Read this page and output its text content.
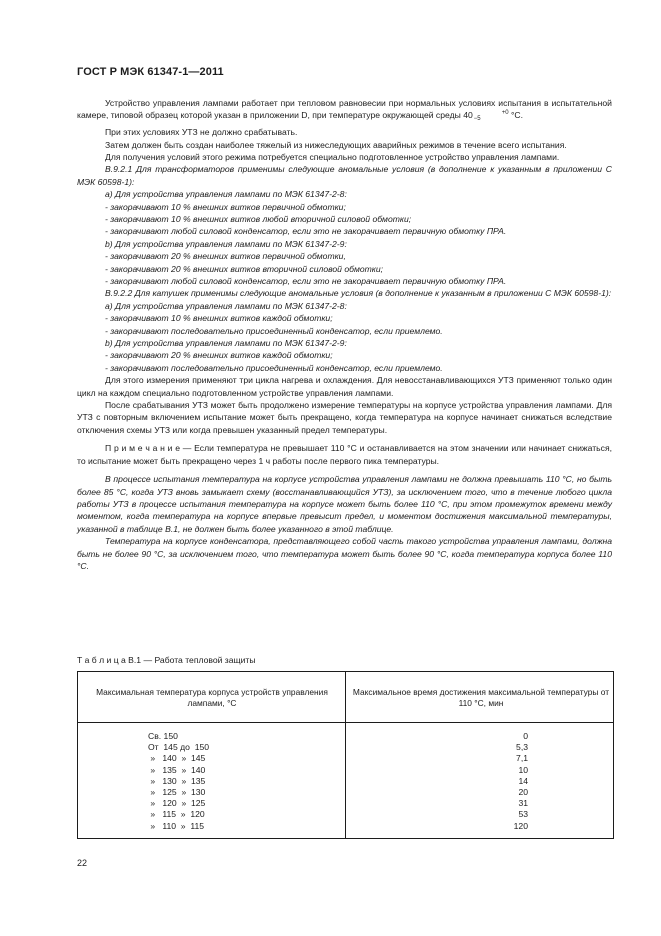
ГОСТ Р МЭК 61347-1—2011

Устройство управления лампами работает при тепловом равновесии при нормальных условиях испытания в испытательной камере, типовой образец которой указан в приложении D, при температуре окружающей среды 40	+0
−5	°С.

При этих условиях УТЗ не должно срабатывать.

Затем должен быть создан наиболее тяжелый из нижеследующих аварийных режимов в течение всего испытания.

Для получения условий этого режима потребуется специально подготовленное устройство управления лампами.

В.9.2.1 Для трансформаторов применимы следующие аномальные условия (в дополнение к указанным в приложении С МЭК 60598-1):

a) Для устройства управления лампами по МЭК 61347-2-8:

- закорачивают 10 % внешних витков первичной обмотки;

- закорачивают 10 % внешних витков любой вторичной силовой обмотки;

- закорачивают любой силовой конденсатор, если это не закорачивает первичную обмотку ПРА.

b) Для устройства управления лампами по МЭК 61347-2-9:

- закорачивают 20 % внешних витков первичной обмотки,

- закорачивают 20 % внешних витков вторичной силовой обмотки;

- закорачивают любой силовой конденсатор, если это не закорачивает первичную обмотку ПРА.

В.9.2.2 Для катушек применимы следующие аномальные условия (в дополнение к указанным в приложении С МЭК 60598-1):

a) Для устройства управления лампами по МЭК 61347-2-8:

- закорачивают 10 % внешних витков каждой обмотки;

- закорачивают последовательно присоединенный конденсатор, если приемлемо.

b) Для устройства управления лампами по МЭК 61347-2-9:

- закорачивают 20 % внешних витков каждой обмотки;

- закорачивают последовательно присоединенный конденсатор, если приемлемо.

Для этого измерения применяют три цикла нагрева и охлаждения. Для невосстанавливающихся УТЗ применяют только один цикл на каждом специально подготовленном устройстве управления лампами.

После срабатывания УТЗ может быть продолжено измерение температуры на корпусе устройства управления лампами. Для УТЗ с повторным включением испытание может быть прекращено, когда температура на корпусе начинает снижаться вследствие отключения схемы УТЗ или когда превышен указанный предел температуры.

П р и м е ч а н и е — Если температура не превышает 110 °С и останавливается на этом значении или начинает снижаться, то испытание может быть прекращено через 1 ч работы после первого пика температуры.

В процессе испытания температура на корпусе устройства управления лампами не должна превышать 110 °С, но быть более 85 °С, когда УТЗ вновь замыкает схему (восстанавливающийся УТЗ), за исключением того, что в течение любого цикла работы УТЗ в процессе испытания температура на корпусе может быть более 110 °С, при этом промежуток времени между моментом, когда температура на корпусе впервые превысит предел, и моментом достижения максимальной температуры, указанной в таблице В.1, не должен быть более указанного в этой таблице.

Температура на корпусе конденсатора, представляющего собой часть такого устройства управления лампами, должна быть не более 90 °С, за исключением того, что температура может быть более 90 °С, когда температура корпуса более 110 °С.

Т а б л и ц а В.1 — Работа тепловой защиты
Максимальная температура корпуса устройств управления лампами, °С
Максимальное время достижения максимальной температуры от 110 °С, мин
Св. 150	0
От  145 до  150	5,3
»   140  »  145	7,1
»   135  »  140	10
»   130  »  135	14
»   125  »  130	20
»   120  »  125	31
»   115  »  120	53
»   110  »  115	120
22
